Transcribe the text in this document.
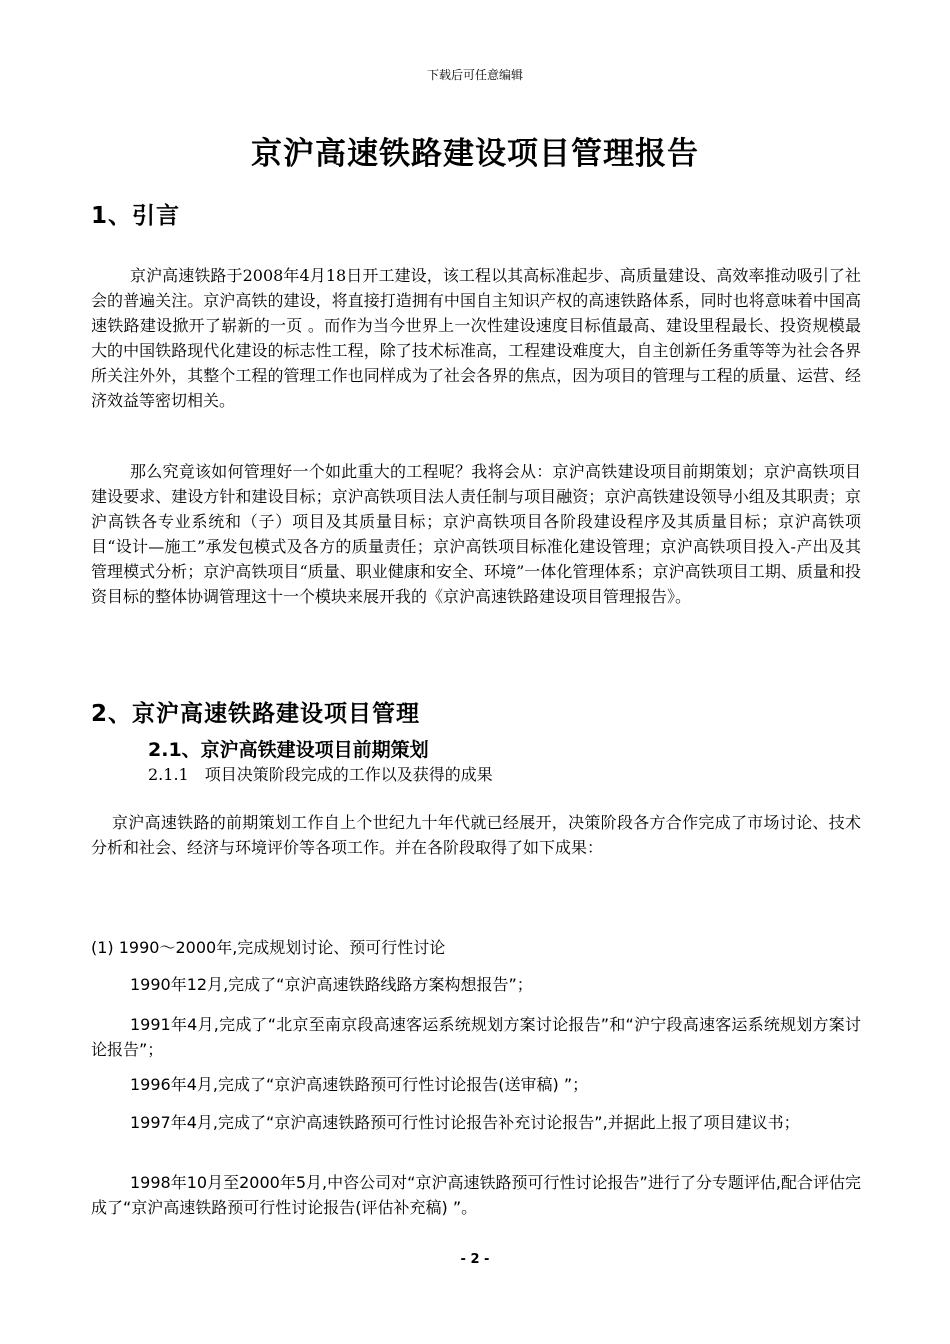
下载后可任意编辑
京沪高速铁路建设项目管理报告
1、引言
京沪高速铁路于2008年4月18日开工建设，该工程以其高标准起步、高质量建设、高效率推动吸引了社会的普遍关注。京沪高铁的建设，将直接打造拥有中国自主知识产权的高速铁路体系，同时也将意味着中国高速铁路建设掀开了崭新的一页 。而作为当今世界上一次性建设速度目标值最高、建设里程最长、投资规模最大的中国铁路现代化建设的标志性工程，除了技术标准高，工程建设难度大，自主创新任务重等等为社会各界所关注外外，其整个工程的管理工作也同样成为了社会各界的焦点，因为项目的管理与工程的质量、运营、经济效益等密切相关。
那么究竟该如何管理好一个如此重大的工程呢？我将会从：京沪高铁建设项目前期策划；京沪高铁项目建设要求、建设方针和建设目标；京沪高铁项目法人责任制与项目融资；京沪高铁建设领导小组及其职责；京沪高铁各专业系统和（子）项目及其质量目标；京沪高铁项目各阶段建设程序及其质量目标；京沪高铁项目“设计—施工”承发包模式及各方的质量责任；京沪高铁项目标准化建设管理；京沪高铁项目投入-产出及其管理模式分析；京沪高铁项目“质量、职业健康和安全、环境”一体化管理体系；京沪高铁项目工期、质量和投资目标的整体协调管理这十一个模块来展开我的《京沪高速铁路建设项目管理报告》。
2、京沪高速铁路建设项目管理
2.1、京沪高铁建设项目前期策划
2.1.1　项目决策阶段完成的工作以及获得的成果
京沪高速铁路的前期策划工作自上个世纪九十年代就已经展开，决策阶段各方合作完成了市场讨论、技术分析和社会、经济与环境评价等各项工作。并在各阶段取得了如下成果：
(1) 1990～2000年,完成规划讨论、预可行性讨论
1990年12月,完成了“京沪高速铁路线路方案构想报告”；
1991年4月,完成了“北京至南京段高速客运系统规划方案讨论报告”和“沪宁段高速客运系统规划方案讨论报告”；
1996年4月,完成了“京沪高速铁路预可行性讨论报告(送审稿) ”；
1997年4月,完成了“京沪高速铁路预可行性讨论报告补充讨论报告”,并据此上报了项目建议书；
1998年10月至2000年5月,中咨公司对“京沪高速铁路预可行性讨论报告”进行了分专题评估,配合评估完成了“京沪高速铁路预可行性讨论报告(评估补充稿) ”。
- 2 -
